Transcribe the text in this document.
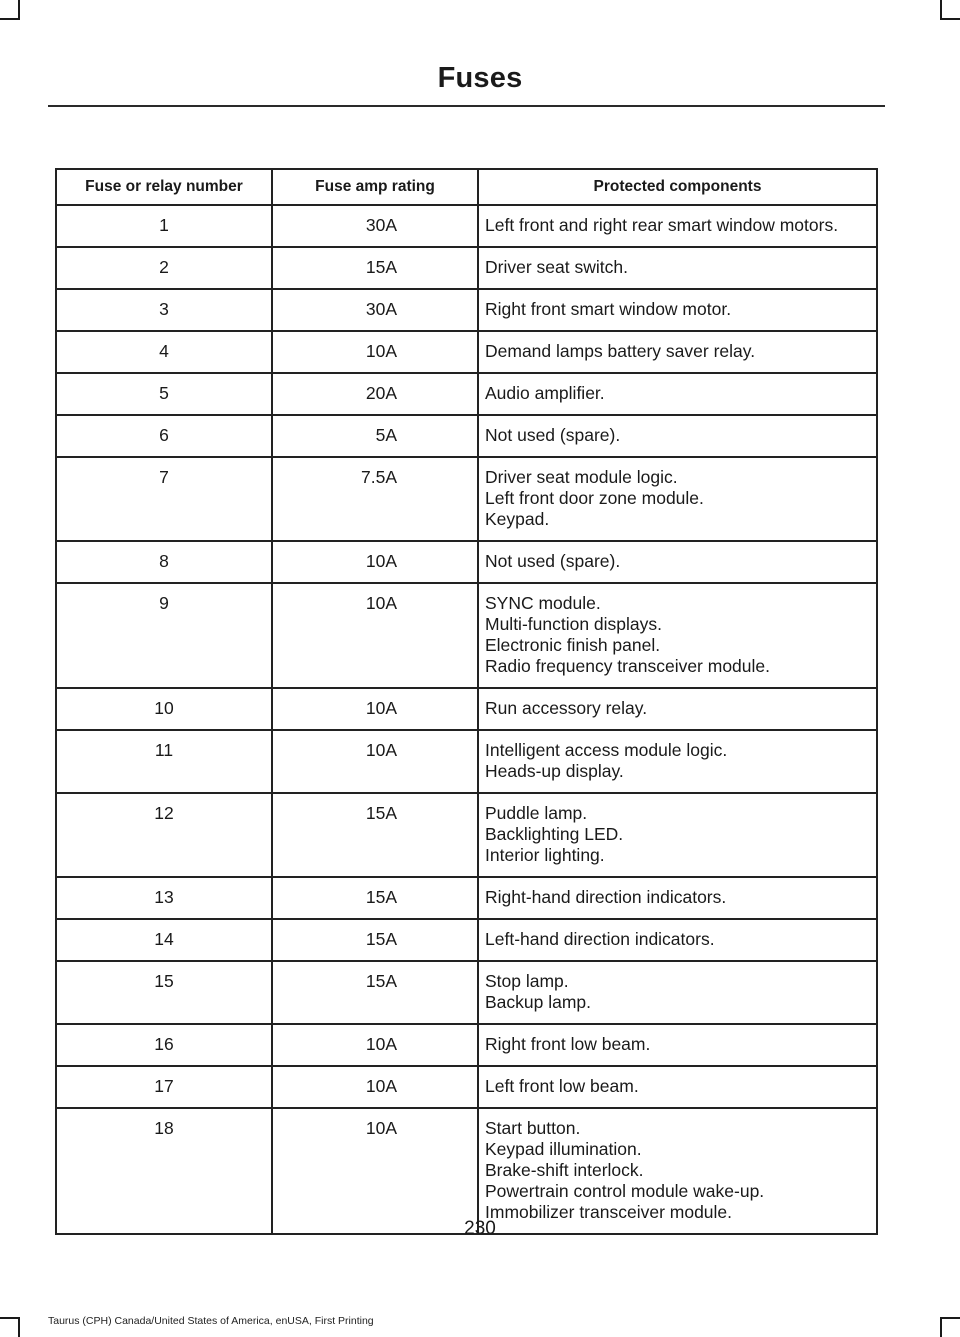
Fuses
Fuse or relay number	Fuse amp rating	Protected components
1	30A	Left front and right rear smart window motors.

2	15A	Driver seat switch.

3	30A	Right front smart window motor.

4	10A	Demand lamps battery saver relay.

5	20A	Audio amplifier.

6	5A	Not used (spare).

7	7.5A	Driver seat module logic.
Left front door zone module.
Keypad.

8	10A	Not used (spare).

9	10A	SYNC module.
Multi-function displays.
Electronic finish panel.
Radio frequency transceiver module.

10	10A	Run accessory relay.

11	10A	Intelligent access module logic.
Heads-up display.

12	15A	Puddle lamp.
Backlighting LED.
Interior lighting.

13	15A	Right-hand direction indicators.

14	15A	Left-hand direction indicators.

15	15A	Stop lamp.
Backup lamp.

16	10A	Right front low beam.

17	10A	Left front low beam.

18	10A	Start button.
Keypad illumination.
Brake-shift interlock.
Powertrain control module wake-up.
Immobilizer transceiver module.
230
Taurus (CPH) Canada/United States of America, enUSA, First Printing
